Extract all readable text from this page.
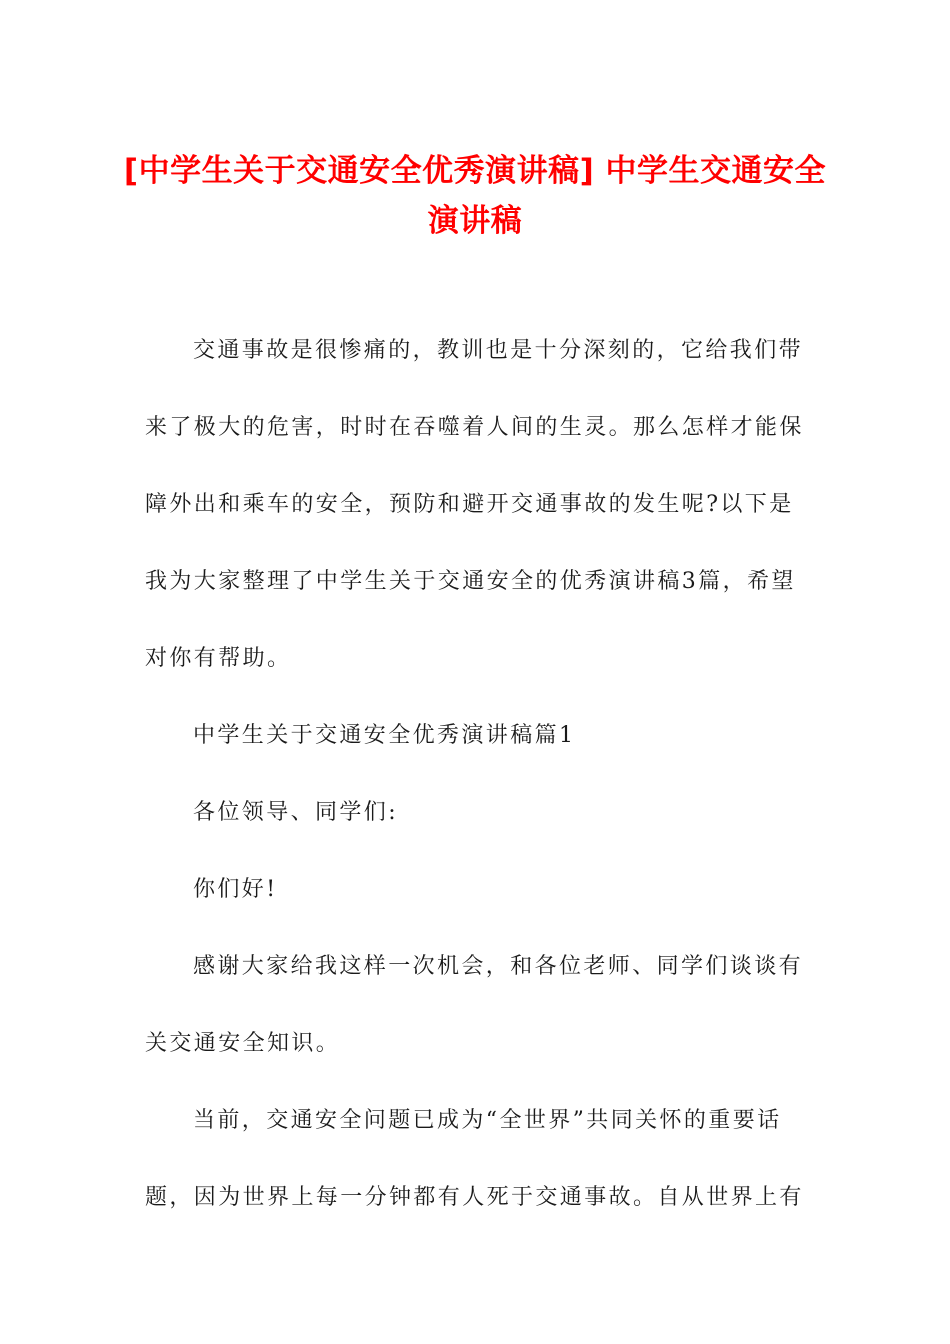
[中学生关于交通安全优秀演讲稿] 中学生交通安全演讲稿

交通事故是很惨痛的，教训也是十分深刻的，它给我们带来了极大的危害，时时在吞噬着人间的生灵。那么怎样才能保障外出和乘车的安全，预防和避开交通事故的发生呢?以下是我为大家整理了中学生关于交通安全的优秀演讲稿3篇，希望对你有帮助。

中学生关于交通安全优秀演讲稿篇1

各位领导、同学们:

你们好!

感谢大家给我这样一次机会，和各位老师、同学们谈谈有关交通安全知识。

当前，交通安全问题已成为“全世界”共同关怀的重要话题，因为世界上每一分钟都有人死于交通事故。自从世界上有
